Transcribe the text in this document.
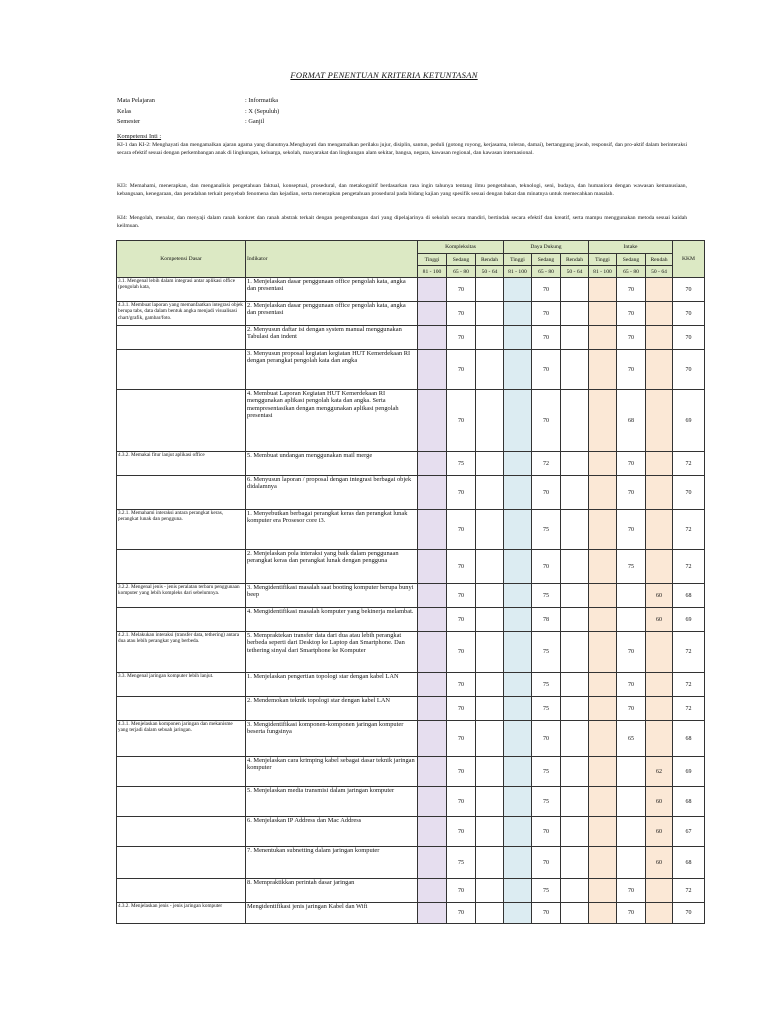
FORMAT PENENTUAN KRITERIA KETUNTASAN
Mata Pelajaran	: Informatika
Kelas	: X (Sepuluh)
Semester	: Ganjil
Kompetensi Inti :
KI-1 dan KI-2: Menghayati dan mengamalkan ajaran agama yang dianutnya.Menghayati dan mengamalkan perilaku jujur, disiplin, santun, peduli (gotong royong, kerjasama, toleran, damai), bertanggung jawab, responsif, dan pro-aktif dalam berinteraksi secara efektif sesuai dengan perkembangan anak di lingkungan, keluarga, sekolah, masyarakat dan lingkungan alam sekitar, bangsa, negara, kawasan regional, dan kawasan internasional.
KI3: Memahami, menerapkan, dan menganalisis pengetahuan faktual, konseptual, prosedural, dan metakognitif berdasarkan rasa ingin tahunya tentang ilmu pengetahuan, teknologi, seni, budaya, dan humaniora dengan wawasan kemanusiaan, kebangsaan, kenegaraan, dan peradaban terkait penyebab fenomena dan kejadian, serta menerapkan pengetahuan prosedural pada bidang kajian yang spesifik sesuai dengan bakat dan minatnya untuk memecahkan masalah.
KI4: Mengolah, menalar, dan menyaji dalam ranah konkret dan ranah abstrak terkait dengan pengembangan dari yang dipelajarinya di sekolah secara mandiri, bertindak secara efektif dan kreatif, serta mampu menggunakan metoda sesuai kaidah keilmuan.
Kompetensi Dasar	Indikator	Kompleksitas			Daya Dukung			Intake			KKM
		Tinggi	Sedang	Rendah	Tinggi	Sedang	Rendah	Tinggi	Sedang	Rendah	
		81 - 100	65 - 80	50 - 64	81 - 100	65 - 80	50 - 64	81 - 100	65 - 80	50 - 64	
3.1. Mengenal lebih dalam integrasi antar aplikasi office (pengolah kata,	1. Menjelaskan dasar penggunaan office pengolah kata, angka dan presentasi		70			70			70		70
4.3.1. Membuat laporan yang memanfaatkan integrasi objek berupa tabs, data dalam bentuk angka menjadi visualisasi chart/grafik, gambar/foto.	2. Menjelaskan dasar penggunaan office pengolah kata, angka dan presentasi		70			70			70		70
	2. Menyusun daftar isi dengan system manual menggunakan Tabulasi dan indent		70			70			70		70
	3. Menyusun proposal kegiatan kegiatan HUT Kemerdekaan RI dengan perangkat pengolah kata dan angka		70			70			70		70
	4. Membuat Laporan Kegiatan HUT Kemerdekaan RI menggunakan aplikasi pengolah kata dan angka. Serta mempresentasikan dengan menggunakan aplikasi pengolah presentasi		70			70			68		69
4.3.2. Memakai fitur lanjut aplikasi office	5. Membuat undangan menggunakan mail merge		75			72			70		72
	6. Menyusun laporan / proposal dengan integrasi berbagai objek didalamnya		70			70			70		70
3.2.1. Memahami interaksi antara perangkat keras, perangkat lunak dan pengguna.	1. Menyebutkan berbagai perangkat keras dan perangkat lunak komputer era Prosesor core i3.		70			75			70		72
	2. Menjelaskan pola interaksi yang baik dalam penggunaan perangkat keras dan perangkat lunak dengan pengguna		70			70			75		72
3.2.2. Mengenal jenis - jenis peralatan terbaru penggunaan komputer yang lebih kompleks dari sebelumnya.	3. Mengidentifikasi masalah saat booting komputer berupa bunyi beep		70			75				60	68
	4. Mengidentifikasi masalah komputer yang bekinerja melambat.		70			78				60	69
4.2.1. Melakukan interaksi (transfer data, tethering) antara dua atau lebih perangkat yang berbeda.	5. Mempraktekan transfer data dari dua atau lebih perangkat berbeda seperti dari Desktop ke Laptop dan Smartphone. Dan tethering sinyal dari Smartphone ke Komputer		70			75			70		72
3.3. Mengenal jaringan komputer lebih lanjut.	1. Menjelaskan pengertian topologi star dengan kabel LAN		70			75			70		72
	2. Mendemokan teknik topologi star dengan kabel LAN		70			75			70		72
4.3.1. Menjelaskan komponen jaringan dan mekanisme yang terjadi dalam sebuah jaringan.	3. Mengidentifikasi komponen-komponen jaringan komputer beserta fungsinya		70			70			65		68
	4. Menjelaskan cara krimping kabel sebagai dasar teknik jaringan komputer		70			75				62	69
	5. Menjelaskan media transmisi dalam jaringan komputer		70			75				60	68
	6. Menjelaskan IP Address dan Mac Address		70			70				60	67
	7. Menentukan subnetting dalam jaringan komputer		75			70				60	68
	8. Mempraktikkan perintah dasar jaringan		70			75			70		72
4.3.2. Menjelaskan jenis - jenis jaringan komputer	Mengidentifikasi jenis jaringan Kabel dan Wifi		70			70			70		70
